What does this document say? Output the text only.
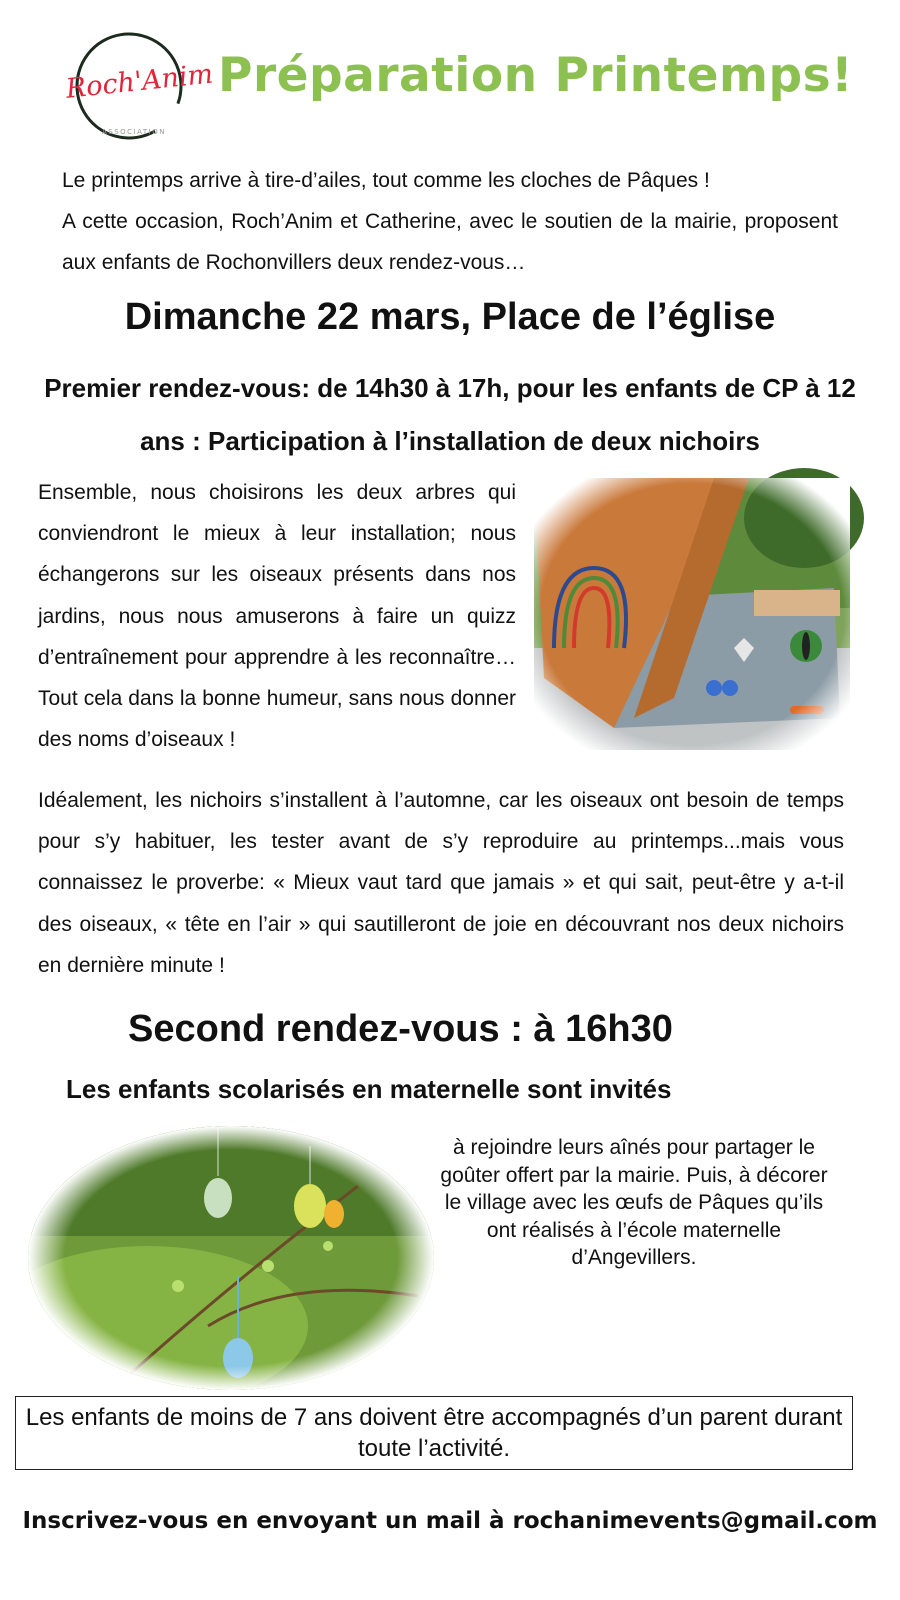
Roch'Anim
ASSOCIATION
Préparation Printemps!

Le printemps arrive à tire-d’ailes, tout comme les cloches de Pâques !

A cette occasion, Roch’Anim et Catherine, avec le soutien de la mairie, proposent aux enfants de Rochonvillers deux rendez-vous…

Dimanche 22 mars, Place de l’église
Premier rendez-vous: de 14h30 à 17h, pour les enfants de CP à 12 ans : Participation à l’installation de deux nichoirs
Ensemble, nous choisirons les deux arbres qui conviendront le mieux à leur installation; nous échangerons sur les oiseaux présents dans nos jardins, nous nous amuserons à faire un quizz d’entraînement pour apprendre à les reconnaître… Tout cela dans la bonne humeur, sans nous donner des noms d’oiseaux !
Idéalement, les nichoirs s’installent à l’automne, car les oiseaux ont besoin de temps pour s’y habituer, les tester avant de s’y reproduire au printemps...mais vous connaissez le proverbe: « Mieux vaut tard que jamais » et qui sait, peut-être y a-t-il des oiseaux, « tête en l’air » qui sautilleront de joie en découvrant nos deux nichoirs en dernière minute !
Second rendez-vous : à 16h30
Les enfants scolarisés en maternelle sont invités
à rejoindre leurs aînés pour partager le goûter offert par la mairie. Puis, à décorer le village avec les œufs de Pâques qu’ils ont réalisés à l’école maternelle d’Angevillers.
Les enfants de moins de 7 ans doivent être accompagnés d’un parent durant toute l’activité.
Inscrivez-vous en envoyant un mail à rochanimevents@gmail.com
